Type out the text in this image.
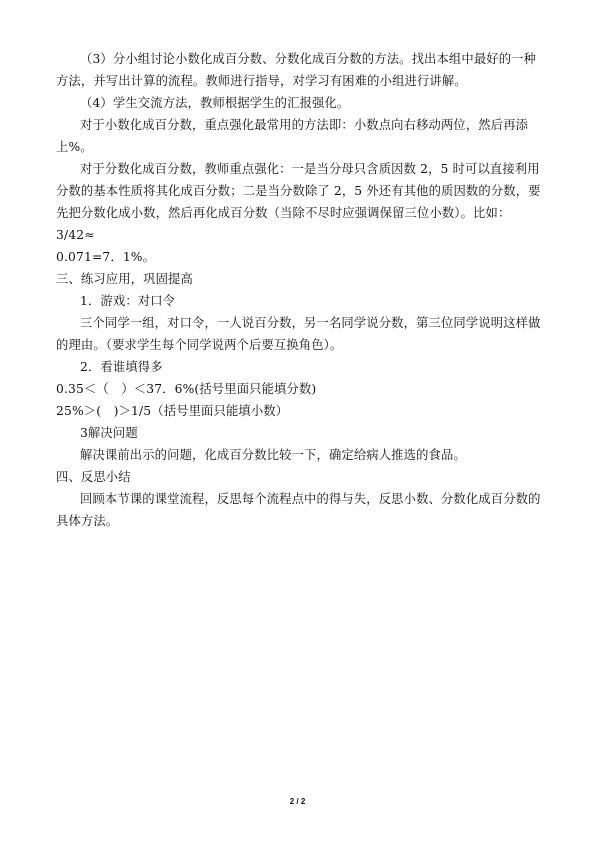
（3）分小组讨论小数化成百分数、分数化成百分数的方法。找出本组中最好的一种方法，并写出计算的流程。教师进行指导，对学习有困难的小组进行讲解。

（4）学生交流方法，教师根据学生的汇报强化。

对于小数化成百分数，重点强化最常用的方法即：小数点向右移动两位，然后再添上%。

对于分数化成百分数，教师重点强化：一是当分母只含质因数 2，5 时可以直接利用分数的基本性质将其化成百分数；二是当分数除了 2，5 外还有其他的质因数的分数，要先把分数化成小数，然后再化成百分数（当除不尽时应强调保留三位小数）。比如：3/42≈

0.071=7．1%。

三、练习应用，巩固提高

1．游戏：对口令

三个同学一组，对口令，一人说百分数，另一名同学说分数，第三位同学说明这样做的理由。（要求学生每个同学说两个后要互换角色）。

2．看谁填得多

0.35＜（　）＜37．6%(括号里面只能填分数)

25%＞(　)＞1/5（括号里面只能填小数）

3解决问题

解决课前出示的问题，化成百分数比较一下，确定给病人推选的食品。

四、反思小结

回顾本节课的课堂流程，反思每个流程点中的得与失，反思小数、分数化成百分数的具体方法。

2 / 2
